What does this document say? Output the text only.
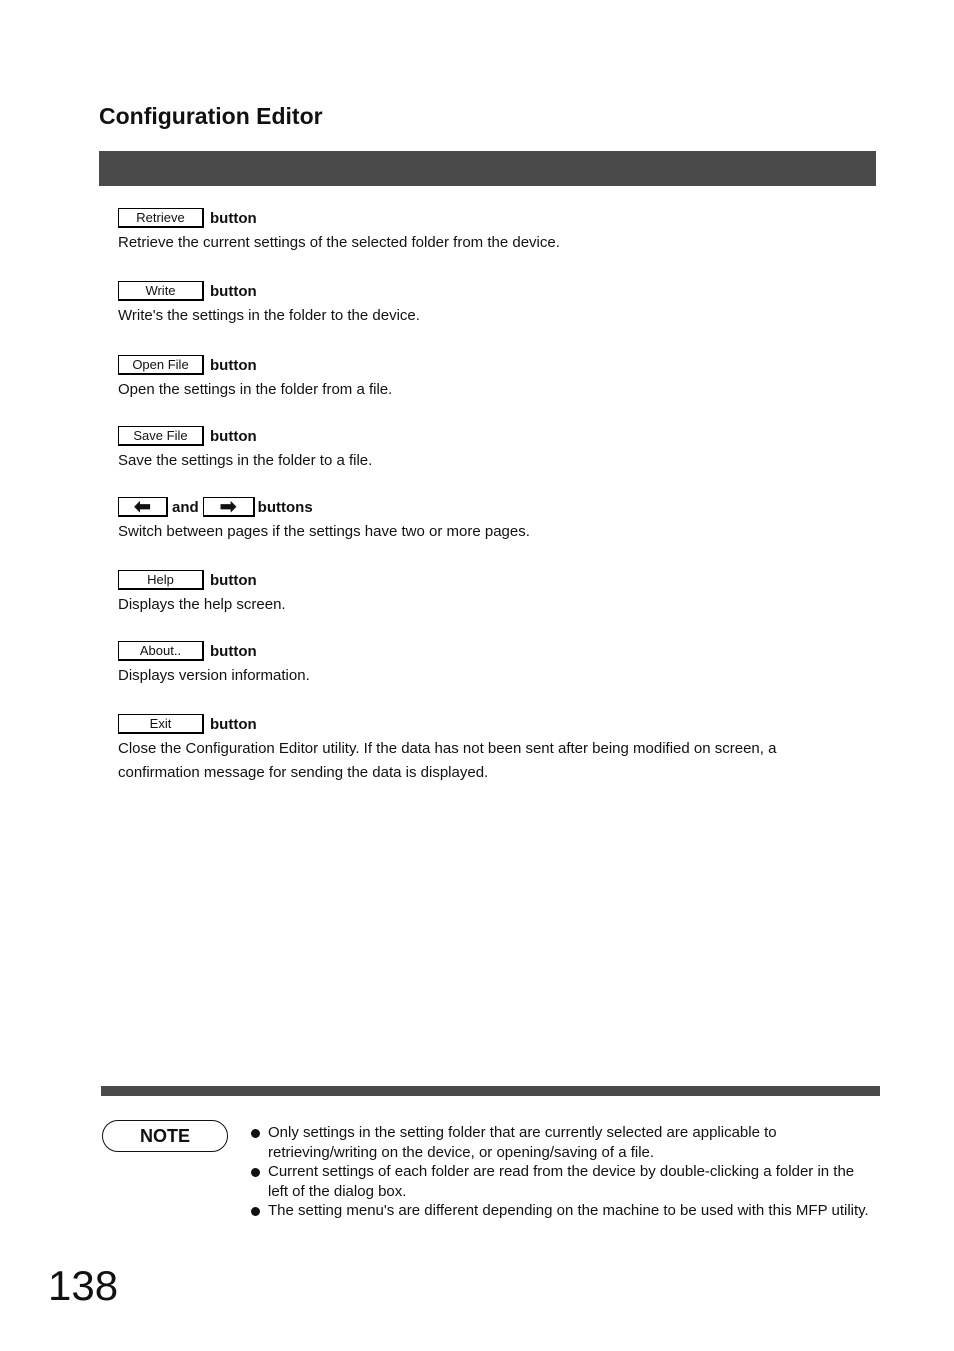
Configuration Editor
Retrieve	button
Retrieve the current settings of the selected folder from the device.
Write	button
Write's the settings in the folder to the device.
Open File	button
Open the settings in the folder from a file.
Save File	button
Save the settings in the folder to a file.
⬅ and ➡ buttons
Switch between pages if the settings have two or more pages.
Help	button
Displays the help screen.
About..	button
Displays version information.
Exit	button
Close the Configuration Editor utility. If the data has not been sent after being modified on screen, a confirmation message for sending the data is displayed.
NOTE	Only settings in the setting folder that are currently selected are applicable to retrieving/writing on the device, or opening/saving of a file.
Current settings of each folder are read from the device by double-clicking a folder in the left of the dialog box.
The setting menu's are different depending on the machine to be used with this MFP utility.
138
